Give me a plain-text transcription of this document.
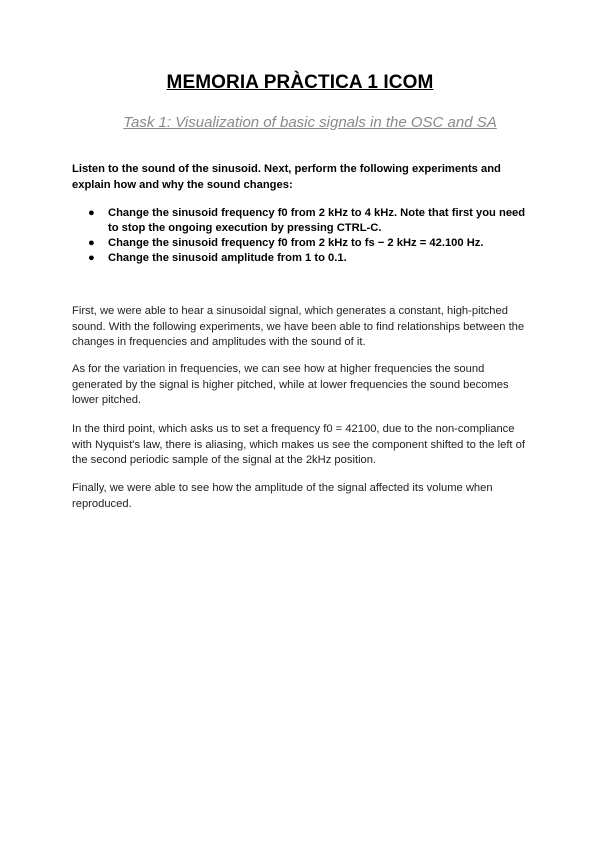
MEMORIA PRÀCTICA 1 ICOM
Task 1: Visualization of basic signals in the OSC and SA
Listen to the sound of the sinusoid. Next, perform the following experiments and explain how and why the sound changes:
● Change the sinusoid frequency f0 from 2 kHz to 4 kHz. Note that first you need to stop the ongoing execution by pressing CTRL-C.
● Change the sinusoid frequency f0 from 2 kHz to fs − 2 kHz = 42.100 Hz.
● Change the sinusoid amplitude from 1 to 0.1.

First, we were able to hear a sinusoidal signal, which generates a constant, high-pitched sound. With the following experiments, we have been able to find relationships between the changes in frequencies and amplitudes with the sound of it.

As for the variation in frequencies, we can see how at higher frequencies the sound generated by the signal is higher pitched, while at lower frequencies the sound becomes lower pitched.

In the third point, which asks us to set a frequency f0 = 42100, due to the non-compliance with Nyquist's law, there is aliasing, which makes us see the component shifted to the left of the second periodic sample of the signal at the 2kHz position.

Finally, we were able to see how the amplitude of the signal affected its volume when reproduced.
